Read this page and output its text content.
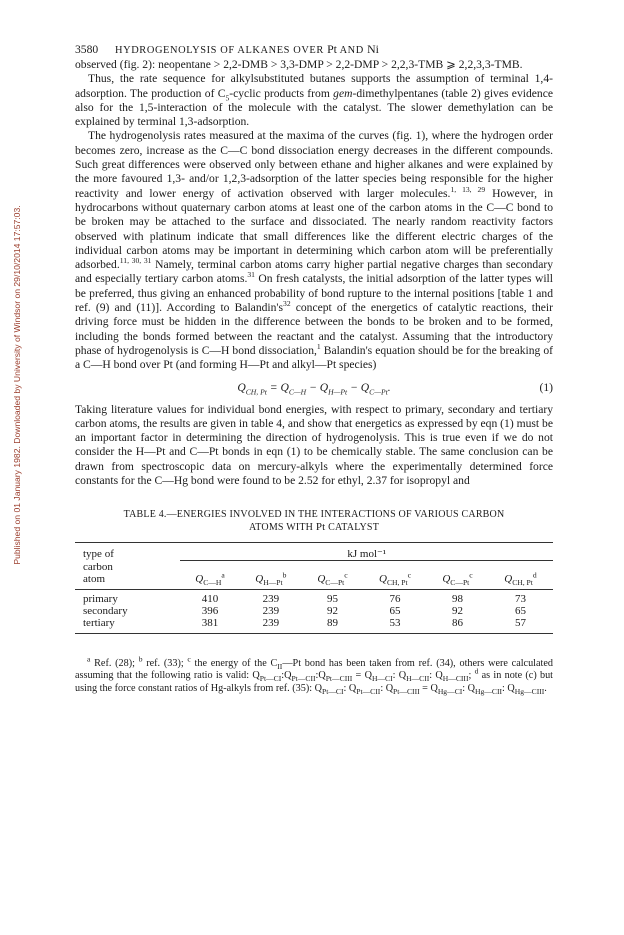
Published on 01 January 1982. Downloaded by University of Windsor on 29/10/2014 17:57:03.
3580	HYDROGENOLYSIS OF ALKANES OVER Pt AND Ni

observed (fig. 2): neopentane > 2,2-DMB > 3,3-DMP > 2,2-DMP > 2,2,3-TMB ⩾ 2,2,3,3-TMB.

Thus, the rate sequence for alkylsubstituted butanes supports the assumption of terminal 1,4-adsorption. The production of $C_5$-cyclic products from gem-dimethylpentanes (table 2) gives evidence also for the 1,5-interaction of the molecule with the catalyst. The slower demethylation can be explained by terminal 1,3-adsorption.

The hydrogenolysis rates measured at the maxima of the curves (fig. 1), where the hydrogen order becomes zero, increase as the C—C bond dissociation energy decreases in the different compounds. Such great differences were observed only between ethane and higher alkanes and were explained by the more favoured 1,3- and/or 1,2,3-adsorption of the latter species being responsible for the higher reactivity and lower energy of activation observed with larger molecules.$^{1, 13, 29}$ However, in hydrocarbons without quaternary carbon atoms at least one of the carbon atoms in the C—C bond to be broken may be attached to the surface and dissociated. The nearly random reactivity factors observed with platinum indicate that small differences like the different electric charges of the individual carbon atoms may be important in determining which carbon atom will be preferentially adsorbed.$^{11, 30, 31}$ Namely, terminal carbon atoms carry higher partial negative charges than secondary and especially tertiary carbon atoms.$^{31}$ On fresh catalysts, the initial adsorption of the latter types will be preferred, thus giving an enhanced probability of bond rupture to the internal positions [table 1 and ref. (9) and (11)]. According to $Balandin's^{32}$ concept of the energetics of catalytic reactions, their driving force must be hidden in the difference between the bonds to be broken and to be formed, including the bonds formed between the reactant and the catalyst. Assuming that the introductory phase of hydrogenolysis is C—H bond dissociation,$^1$ Balandin's equation should be for the breaking of a C—H bond over Pt (and forming H—Pt and alkyl—Pt species)

$Q_{CH, Pt} = Q_{C—H} - Q_{H—Pt} - Q_{C—Pt}$.	(1)

Taking literature values for individual bond energies, with respect to primary, secondary and tertiary carbon atoms, the results are given in table 4, and show that energetics as expressed by eqn (1) must be an important factor in determining the direction of hydrogenolysis. This is true even if we do not consider the H—Pt and C—Pt bonds in eqn (1) to be chemically stable. The same conclusion can be drawn from spectroscopic data on mercury-alkyls where the experimentally determined force constants for the C—Hg bond were found to be 2.52 for ethyl, 2.37 for isopropyl and

TABLE 4.—ENERGIES INVOLVED IN THE INTERACTIONS OF VARIOUS CARBON
ATOMS WITH Pt CATALYST
type of	kJ mol⁻¹					
carbon						
atom	$Q_{C—H}^a$	$Q_{H—Pt}^b$	$Q_{C—Pt}^c$	$Q_{CH, Pt}^c$	$Q_{C—Pt}^c$	$Q_{CH, Pt}^d$
primary	410	239	95	76	98	73
secondary	396	239	92	65	92	65
tertiary	381	239	89	53	86	57

$^a$ Ref. (28); $^b$ ref. (33); $^c$ the energy of the $C_{II}—Pt$ bond has been taken from ref. (34), others were calculated assuming that the following ratio is valid: $Q_{Pt—CI}:Q_{Pt—CII}:Q_{Pt—CIII} = Q_{H—CI}$: $Q_{H—CII}$: $Q_{H—CIII}$; $^d$ as in note (c) but using the force constant ratios of Hg-alkyls from ref. (35): $Q_{Pt—CI}$: $Q_{Pt—CII}$: $Q_{Pt—CIII} = Q_{Hg—CI}$: $Q_{Hg—CII}$: $Q_{Hg—CIII}$.
